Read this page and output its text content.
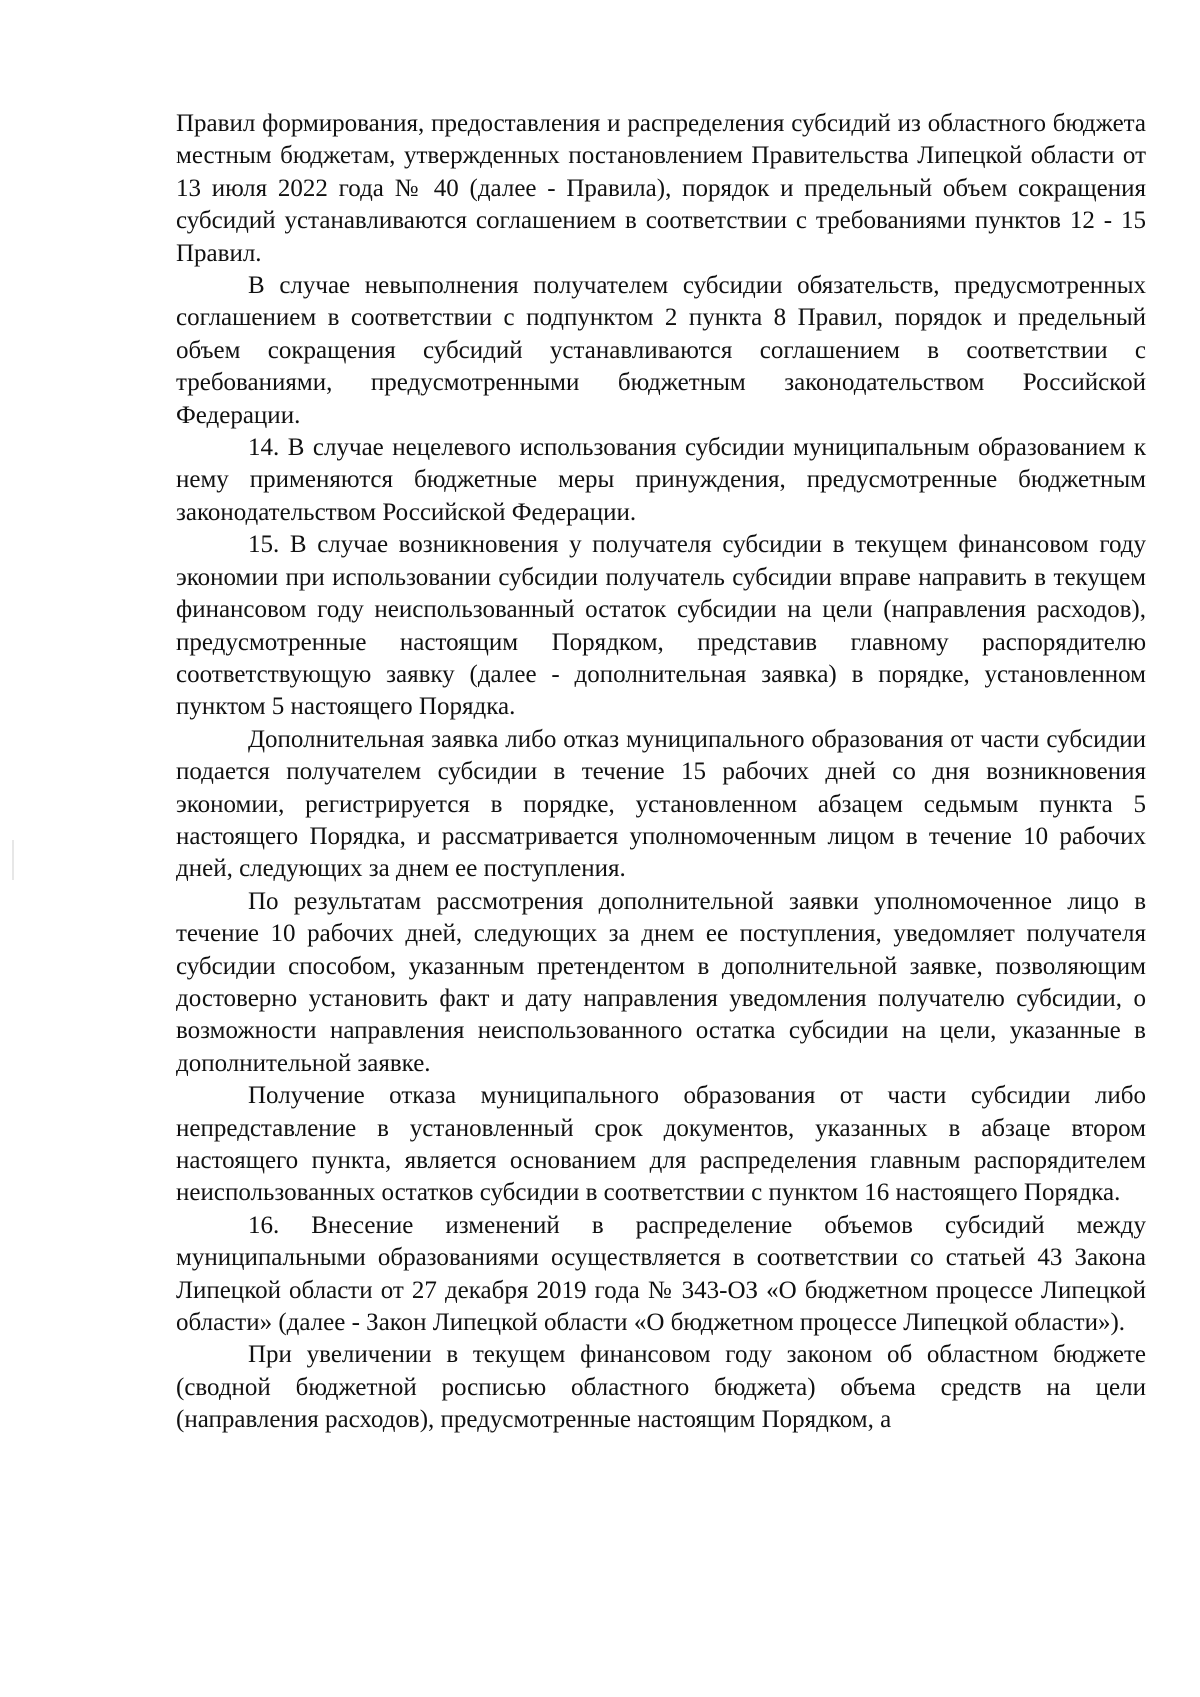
Правил формирования, предоставления и распределения субсидий из областного бюджета местным бюджетам, утвержденных постановлением Правительства Липецкой области от 13 июля 2022 года № 40 (далее - Правила), порядок и предельный объем сокращения субсидий устанавливаются соглашением в соответствии с требованиями пунктов 12 - 15 Правил.

В случае невыполнения получателем субсидии обязательств, предусмотренных соглашением в соответствии с подпунктом 2 пункта 8 Правил, порядок и предельный объем сокращения субсидий устанавливаются соглашением в соответствии с требованиями, предусмотренными бюджетным законодательством Российской Федерации.

14. В случае нецелевого использования субсидии муниципальным образованием к нему применяются бюджетные меры принуждения, предусмотренные бюджетным законодательством Российской Федерации.

15. В случае возникновения у получателя субсидии в текущем финансовом году экономии при использовании субсидии получатель субсидии вправе направить в текущем финансовом году неиспользованный остаток субсидии на цели (направления расходов), предусмотренные настоящим Порядком, представив главному распорядителю соответствующую заявку (далее - дополнительная заявка) в порядке, установленном пунктом 5 настоящего Порядка.

Дополнительная заявка либо отказ муниципального образования от части субсидии подается получателем субсидии в течение 15 рабочих дней со дня возникновения экономии, регистрируется в порядке, установленном абзацем седьмым пункта 5 настоящего Порядка, и рассматривается уполномоченным лицом в течение 10 рабочих дней, следующих за днем ее поступления.

По результатам рассмотрения дополнительной заявки уполномоченное лицо в течение 10 рабочих дней, следующих за днем ее поступления, уведомляет получателя субсидии способом, указанным претендентом в дополнительной заявке, позволяющим достоверно установить факт и дату направления уведомления получателю субсидии, о возможности направления неиспользованного остатка субсидии на цели, указанные в дополнительной заявке.

Получение отказа муниципального образования от части субсидии либо непредставление в установленный срок документов, указанных в абзаце втором настоящего пункта, является основанием для распределения главным распорядителем неиспользованных остатков субсидии в соответствии с пунктом 16 настоящего Порядка.

16. Внесение изменений в распределение объемов субсидий между муниципальными образованиями осуществляется в соответствии со статьей 43 Закона Липецкой области от 27 декабря 2019 года № 343-ОЗ «О бюджетном процессе Липецкой области» (далее - Закон Липецкой области «О бюджетном процессе Липецкой области»).

При увеличении в текущем финансовом году законом об областном бюджете (сводной бюджетной росписью областного бюджета) объема средств на цели (направления расходов), предусмотренные настоящим Порядком, а
